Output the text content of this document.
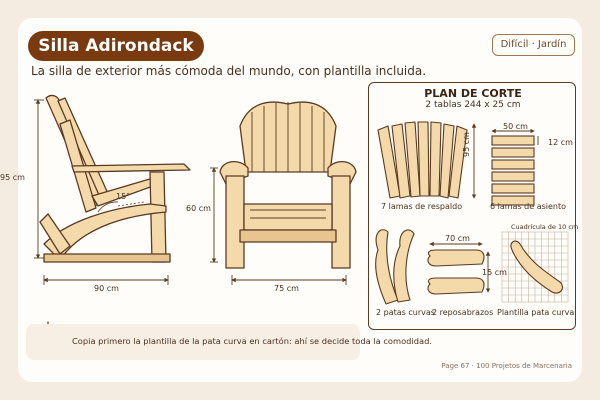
Silla Adirondack	Difícil · Jardín
La silla de exterior más cómoda del mundo, con plantilla incluida.
95 cm
90 cm
15°
60 cm
75 cm
PLAN DE CORTE
2 tablas 244 x 25 cm
95 cm
7 lamas de respaldo
50 cm
12 cm
6 lamas de asiento
2 patas curvas
70 cm
15 cm
2 reposabrazos
Cuadrícula de 10 cm
Plantilla pata curva
Copia primero la plantilla de la pata curva en cartón: ahí se decide toda la comodidad.
Page 67 · 100 Projetos de Marcenaria
